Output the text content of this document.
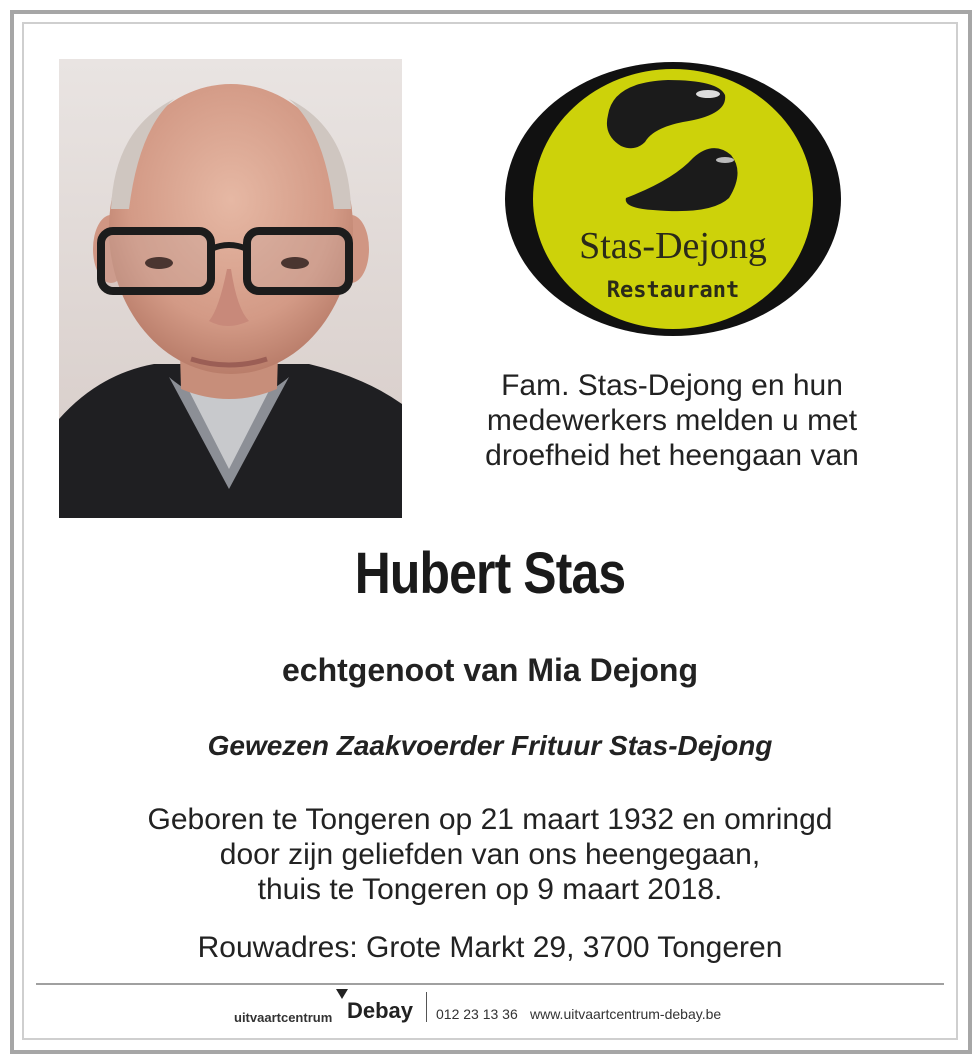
Stas-Dejong
Restaurant
Fam. Stas-Dejong en hun
medewerkers melden u met
droefheid het heengaan van
Hubert Stas
echtgenoot van Mia Dejong
Gewezen Zaakvoerder Frituur Stas-Dejong
Geboren te Tongeren op 21 maart 1932 en omringd
door zijn geliefden van ons heengegaan,
thuis te Tongeren op 9 maart 2018.
Rouwadres: Grote Markt 29, 3700 Tongeren
uitvaartcentrum Debay 012 23 13 36 www.uitvaartcentrum-debay.be
